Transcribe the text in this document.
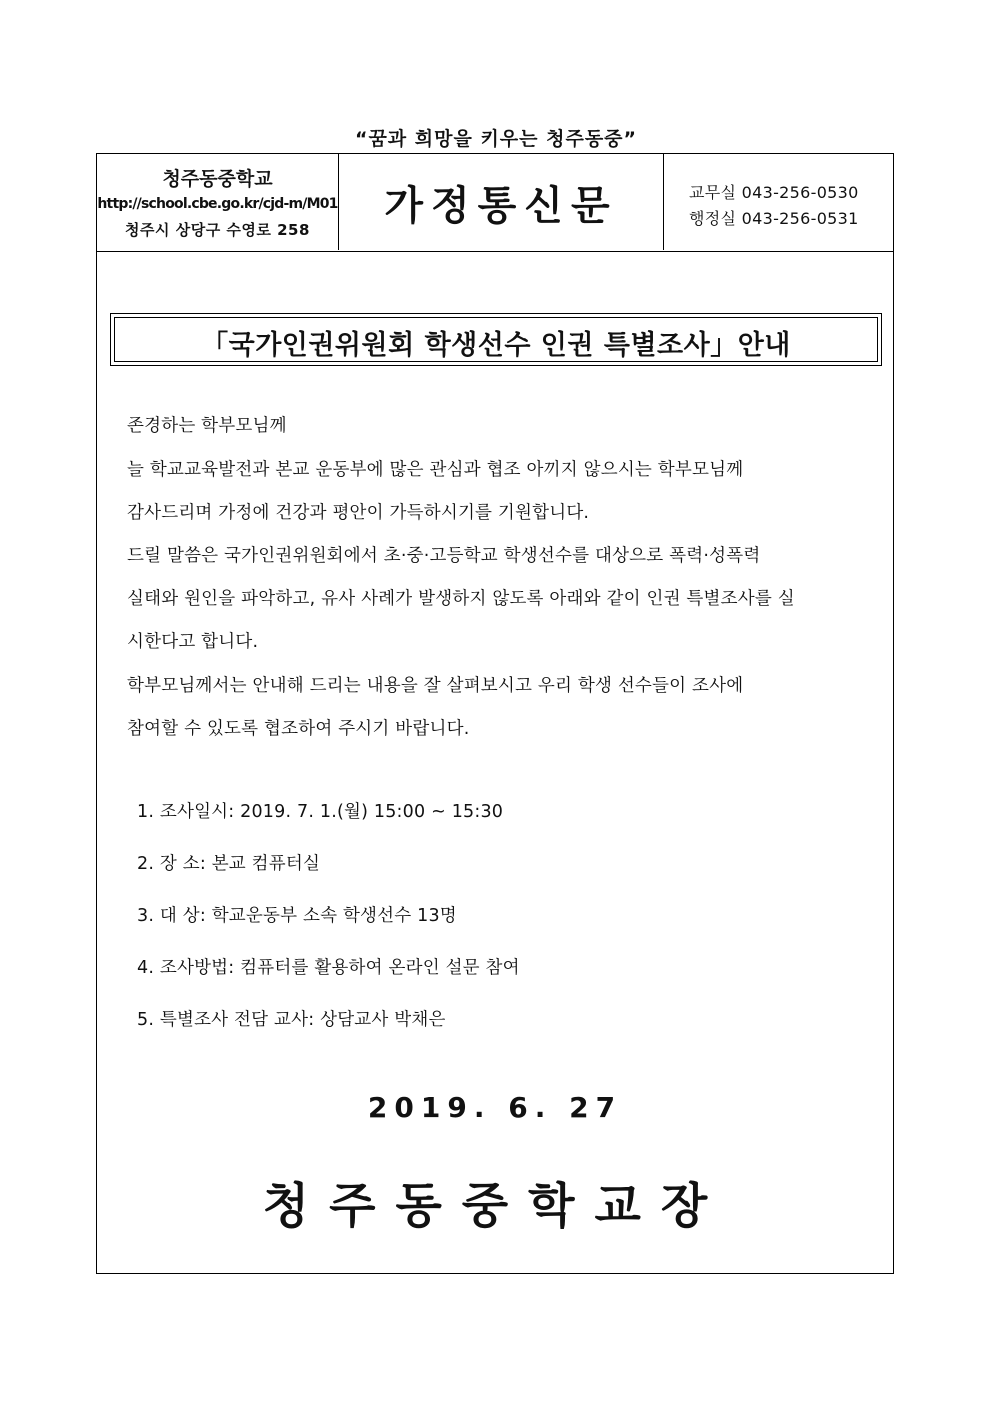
“꿈과 희망을 키우는 청주동중”
청주동중학교
http://school.cbe.go.kr/cjd-m/M01
청주시 상당구 수영로 258
가정통신문	교무실 043-256-0530
행정실 043-256-0531
「국가인권위원회 학생선수 인권 특별조사」안내
존경하는 학부모님께
늘 학교교육발전과 본교 운동부에 많은 관심과 협조 아끼지 않으시는 학부모님께
감사드리며 가정에 건강과 평안이 가득하시기를 기원합니다.
드릴 말씀은 국가인권위원회에서 초·중·고등학교 학생선수를 대상으로 폭력·성폭력
실태와 원인을 파악하고, 유사 사례가 발생하지 않도록 아래와 같이 인권 특별조사를 실
시한다고 합니다.
학부모님께서는 안내해 드리는 내용을 잘 살펴보시고 우리 학생 선수들이 조사에
참여할 수 있도록 협조하여 주시기 바랍니다.
1. 조사일시: 2019. 7. 1.(월) 15:00 ~ 15:30
2. 장 소: 본교 컴퓨터실
3. 대 상: 학교운동부 소속 학생선수 13명
4. 조사방법: 컴퓨터를 활용하여 온라인 설문 참여
5. 특별조사 전담 교사: 상담교사 박채은
2019. 6. 27
청주동중학교장
